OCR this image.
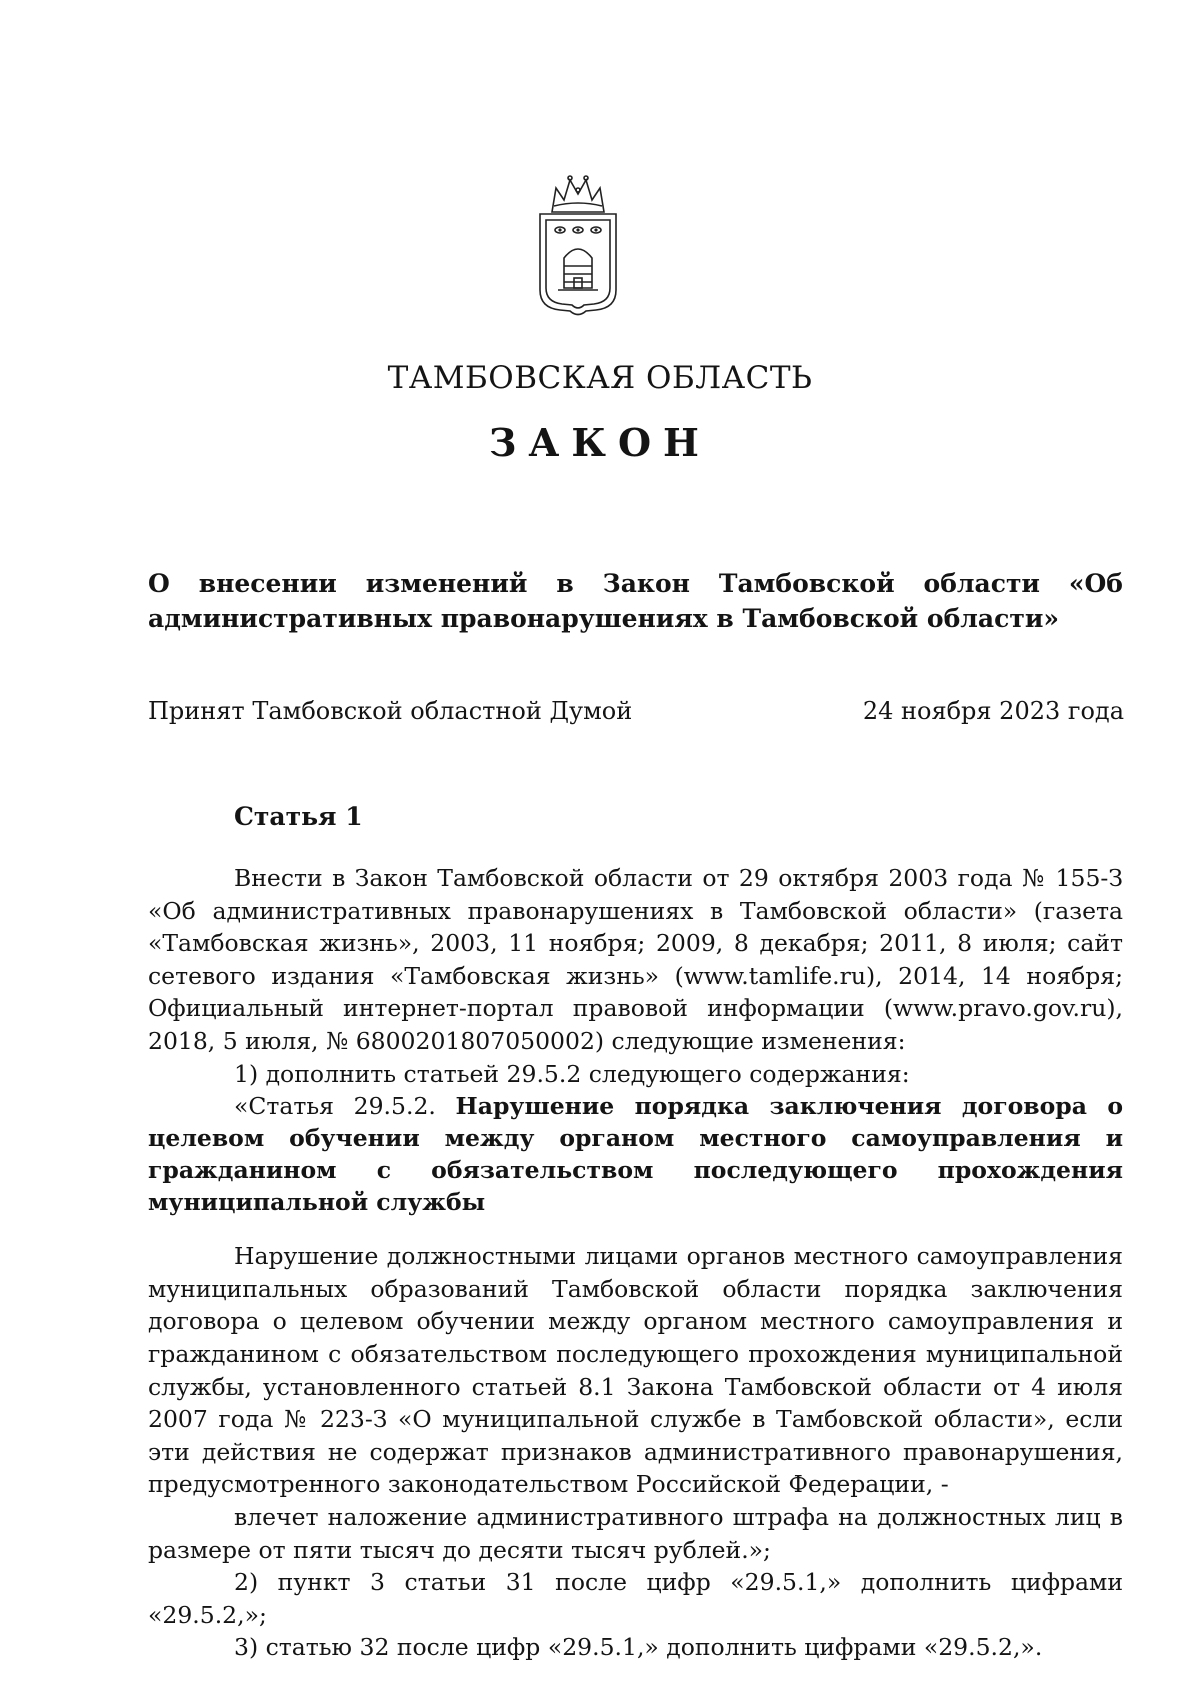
ТАМБОВСКАЯ ОБЛАСТЬ
ЗАКОН
О внесении изменений в Закон Тамбовской области «Об административных правонарушениях в Тамбовской области»
Принят Тамбовской областной Думой	24 ноября 2023 года
Статья 1

Внести в Закон Тамбовской области от 29 октября 2003 года № 155-З «Об административных правонарушениях в Тамбовской области» (газета «Тамбовская жизнь», 2003, 11 ноября; 2009, 8 декабря; 2011, 8 июля; сайт сетевого издания «Тамбовская жизнь» (www.tamlife.ru), 2014, 14 ноября; Официальный интернет-портал правовой информации (www.pravo.gov.ru), 2018, 5 июля, № 6800201807050002) следующие изменения:

1) дополнить статьей 29.5.2 следующего содержания:

«Статья 29.5.2. Нарушение порядка заключения договора о целевом обучении между органом местного самоуправления и гражданином с обязательством последующего прохождения муниципальной службы

Нарушение должностными лицами органов местного самоуправления муниципальных образований Тамбовской области порядка заключения договора о целевом обучении между органом местного самоуправления и гражданином с обязательством последующего прохождения муниципальной службы, установленного статьей 8.1 Закона Тамбовской области от 4 июля 2007 года № 223-З «О муниципальной службе в Тамбовской области», если эти действия не содержат признаков административного правонарушения, предусмотренного законодательством Российской Федерации, -

влечет наложение административного штрафа на должностных лиц в размере от пяти тысяч до десяти тысяч рублей.»;

2) пункт 3 статьи 31 после цифр «29.5.1,» дополнить цифрами «29.5.2,»;

3) статью 32 после цифр «29.5.1,» дополнить цифрами «29.5.2,».
